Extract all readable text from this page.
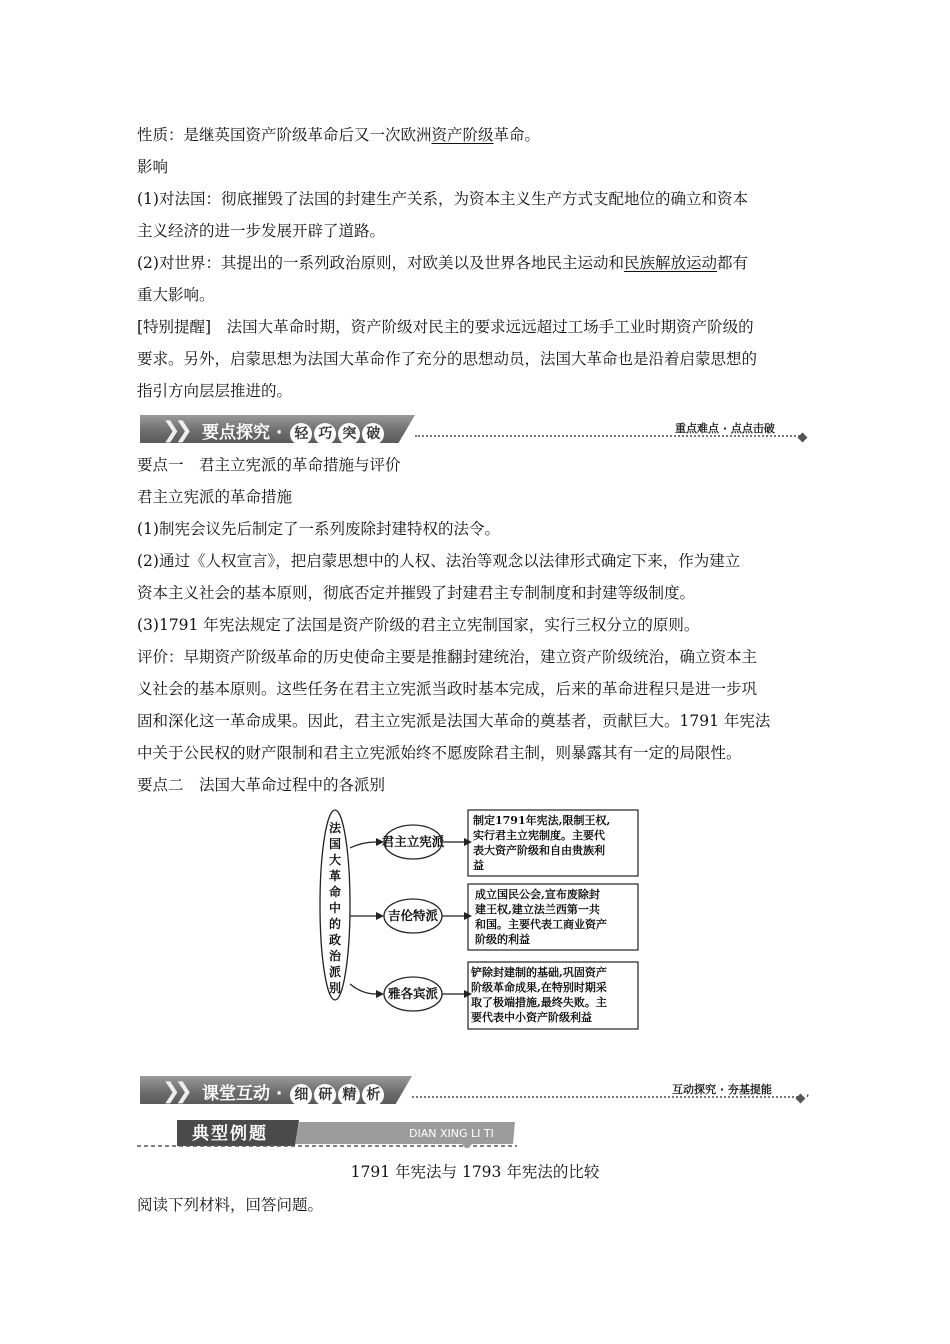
性质：是继英国资产阶级革命后又一次欧洲资产阶级革命。
影响
(1)对法国：彻底摧毁了法国的封建生产关系，为资本主义生产方式支配地位的确立和资本
主义经济的进一步发展开辟了道路。
(2)对世界：其提出的一系列政治原则，对欧美以及世界各地民主运动和民族解放运动都有
重大影响。
[特别提醒]　法国大革命时期，资产阶级对民主的要求远远超过工场手工业时期资产阶级的
要求。另外，启蒙思想为法国大革命作了充分的思想动员，法国大革命也是沿着启蒙思想的
指引方向层层推进的。
❯❯ 要点探究 · 轻 巧 突 破	重点难点 · 点点击破
要点一　君主立宪派的革命措施与评价
君主立宪派的革命措施
(1)制宪会议先后制定了一系列废除封建特权的法令。
(2)通过《人权宣言》，把启蒙思想中的人权、法治等观念以法律形式确定下来，作为建立
资本主义社会的基本原则，彻底否定并摧毁了封建君主专制制度和封建等级制度。
(3)1791 年宪法规定了法国是资产阶级的君主立宪制国家，实行三权分立的原则。
评价：早期资产阶级革命的历史使命主要是推翻封建统治，建立资产阶级统治，确立资本主
义社会的基本原则。这些任务在君主立宪派当政时基本完成，后来的革命进程只是进一步巩
固和深化这一革命成果。因此，君主立宪派是法国大革命的奠基者，贡献巨大。1791 年宪法
中关于公民权的财产限制和君主立宪派始终不愿废除君主制，则暴露其有一定的局限性。
要点二　法国大革命过程中的各派别
法
国
大
革
命
中
的
政
治
派
别
君主立宪派
吉伦特派
雅各宾派
制定1791年宪法,限制王权,
实行君主立宪制度。主要代
表大资产阶级和自由贵族利
益
成立国民公会,宣布废除封
建王权,建立法兰西第一共
和国。主要代表工商业资产
阶级的利益
铲除封建制的基础,巩固资产
阶级革命成果,在特别时期采
取了极端措施,最终失败。主
要代表中小资产阶级利益
❯❯ 课堂互动 · 细 研 精 析	互动探究 · 夯基提能	,
典型例题	DIAN XING LI TI
1791 年宪法与 1793 年宪法的比较
阅读下列材料，回答问题。
